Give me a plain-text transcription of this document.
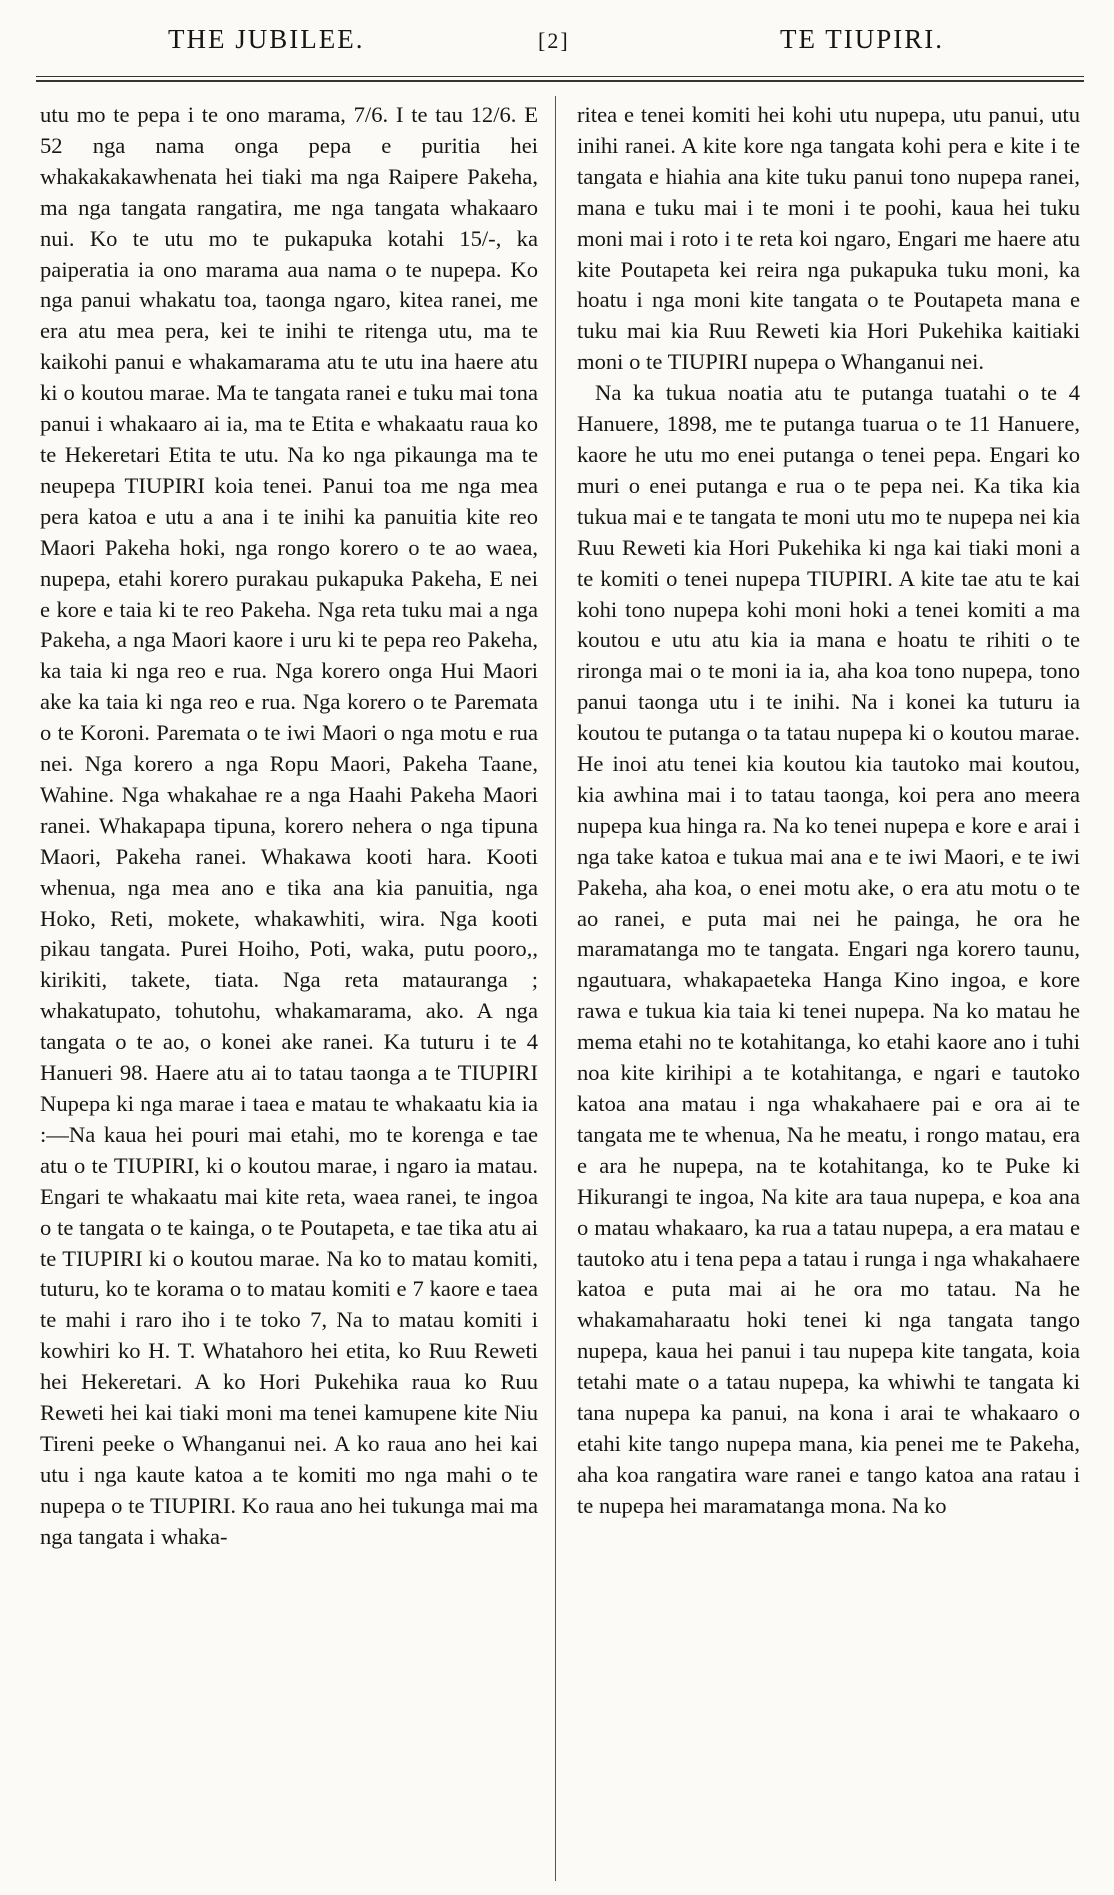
THE JUBILEE.	[2]	TE TIUPIRI.

utu mo te pepa i te ono marama, 7/6. I te tau 12/6. E 52 nga nama onga pepa e puritia hei whakakakawhenata hei tiaki ma nga Raipere Pakeha, ma nga tangata rangatira, me nga tangata whakaaro nui. Ko te utu mo te pukapuka kotahi 15/-, ka paiperatia ia ono marama aua nama o te nupepa. Ko nga panui whakatu toa, taonga ngaro, kitea ranei, me era atu mea pera, kei te inihi te ritenga utu, ma te kaikohi panui e whakamarama atu te utu ina haere atu ki o koutou marae. Ma te tangata ranei e tuku mai tona panui i whakaaro ai ia, ma te Etita e whakaatu raua ko te Hekeretari Etita te utu. Na ko nga pikaunga ma te neupepa TIUPIRI koia tenei. Panui toa me nga mea pera katoa e utu a ana i te inihi ka panuitia kite reo Maori Pakeha hoki, nga rongo korero o te ao waea, nupepa, etahi korero purakau pukapuka Pakeha, E nei e kore e taia ki te reo Pakeha. Nga reta tuku mai a nga Pakeha, a nga Maori kaore i uru ki te pepa reo Pakeha, ka taia ki nga reo e rua. Nga korero onga Hui Maori ake ka taia ki nga reo e rua. Nga korero o te Paremata o te Koroni. Paremata o te iwi Maori o nga motu e rua nei. Nga korero a nga Ropu Maori, Pakeha Taane, Wahine. Nga whakahae re a nga Haahi Pakeha Maori ranei. Whakapapa tipuna, korero nehera o nga tipuna Maori, Pakeha ranei. Whakawa kooti hara. Kooti whenua, nga mea ano e tika ana kia panuitia, nga Hoko, Reti, mokete, whakawhiti, wira. Nga kooti pikau tangata. Purei Hoiho, Poti, waka, putu pooro,, kirikiti, takete, tiata. Nga reta matauranga ; whakatupato, tohutohu, whakamarama, ako. A nga tangata o te ao, o konei ake ranei. Ka tuturu i te 4 Hanueri 98. Haere atu ai to tatau taonga a te TIUPIRI Nupepa ki nga marae i taea e matau te whakaatu kia ia :—Na kaua hei pouri mai etahi, mo te korenga e tae atu o te TIUPIRI, ki o koutou marae, i ngaro ia matau. Engari te whakaatu mai kite reta, waea ranei, te ingoa o te tangata o te kainga, o te Poutapeta, e tae tika atu ai te TIUPIRI ki o koutou marae. Na ko to matau komiti, tuturu, ko te korama o to matau komiti e 7 kaore e taea te mahi i raro iho i te toko 7, Na to matau komiti i kowhiri ko H. T. Whatahoro hei etita, ko Ruu Reweti hei Hekeretari. A ko Hori Pukehika raua ko Ruu Reweti hei kai tiaki moni ma tenei kamupene kite Niu Tireni peeke o Whanganui nei. A ko raua ano hei kai utu i nga kaute katoa a te komiti mo nga mahi o te nupepa o te TIUPIRI. Ko raua ano hei tukunga mai ma nga tangata i whaka-

ritea e tenei komiti hei kohi utu nupepa, utu panui, utu inihi ranei. A kite kore nga tangata kohi pera e kite i te tangata e hiahia ana kite tuku panui tono nupepa ranei, mana e tuku mai i te moni i te poohi, kaua hei tuku moni mai i roto i te reta koi ngaro, Engari me haere atu kite Poutapeta kei reira nga pukapuka tuku moni, ka hoatu i nga moni kite tangata o te Poutapeta mana e tuku mai kia Ruu Reweti kia Hori Pukehika kaitiaki moni o te TIUPIRI nupepa o Whanganui nei.

Na ka tukua noatia atu te putanga tuatahi o te 4 Hanuere, 1898, me te putanga tuarua o te 11 Hanuere, kaore he utu mo enei putanga o tenei pepa. Engari ko muri o enei putanga e rua o te pepa nei. Ka tika kia tukua mai e te tangata te moni utu mo te nupepa nei kia Ruu Reweti kia Hori Pukehika ki nga kai tiaki moni a te komiti o tenei nupepa TIUPIRI. A kite tae atu te kai kohi tono nupepa kohi moni hoki a tenei komiti a ma koutou e utu atu kia ia mana e hoatu te rihiti o te rironga mai o te moni ia ia, aha koa tono nupepa, tono panui taonga utu i te inihi. Na i konei ka tuturu ia koutou te putanga o ta tatau nupepa ki o koutou marae. He inoi atu tenei kia koutou kia tautoko mai koutou, kia awhina mai i to tatau taonga, koi pera ano meera nupepa kua hinga ra. Na ko tenei nupepa e kore e arai i nga take katoa e tukua mai ana e te iwi Maori, e te iwi Pakeha, aha koa, o enei motu ake, o era atu motu o te ao ranei, e puta mai nei he painga, he ora he maramatanga mo te tangata. Engari nga korero taunu, ngautuara, whakapaeteka Hanga Kino ingoa, e kore rawa e tukua kia taia ki tenei nupepa. Na ko matau he mema etahi no te kotahitanga, ko etahi kaore ano i tuhi noa kite kirihipi a te kotahitanga, e ngari e tautoko katoa ana matau i nga whakahaere pai e ora ai te tangata me te whenua, Na he meatu, i rongo matau, era e ara he nupepa, na te kotahitanga, ko te Puke ki Hikurangi te ingoa, Na kite ara taua nupepa, e koa ana o matau whakaaro, ka rua a tatau nupepa, a era matau e tautoko atu i tena pepa a tatau i runga i nga whakahaere katoa e puta mai ai he ora mo tatau. Na he whakamaharaatu hoki tenei ki nga tangata tango nupepa, kaua hei panui i tau nupepa kite tangata, koia tetahi mate o a tatau nupepa, ka whiwhi te tangata ki tana nupepa ka panui, na kona i arai te whakaaro o etahi kite tango nupepa mana, kia penei me te Pakeha, aha koa rangatira ware ranei e tango katoa ana ratau i te nupepa hei maramatanga mona. Na ko
